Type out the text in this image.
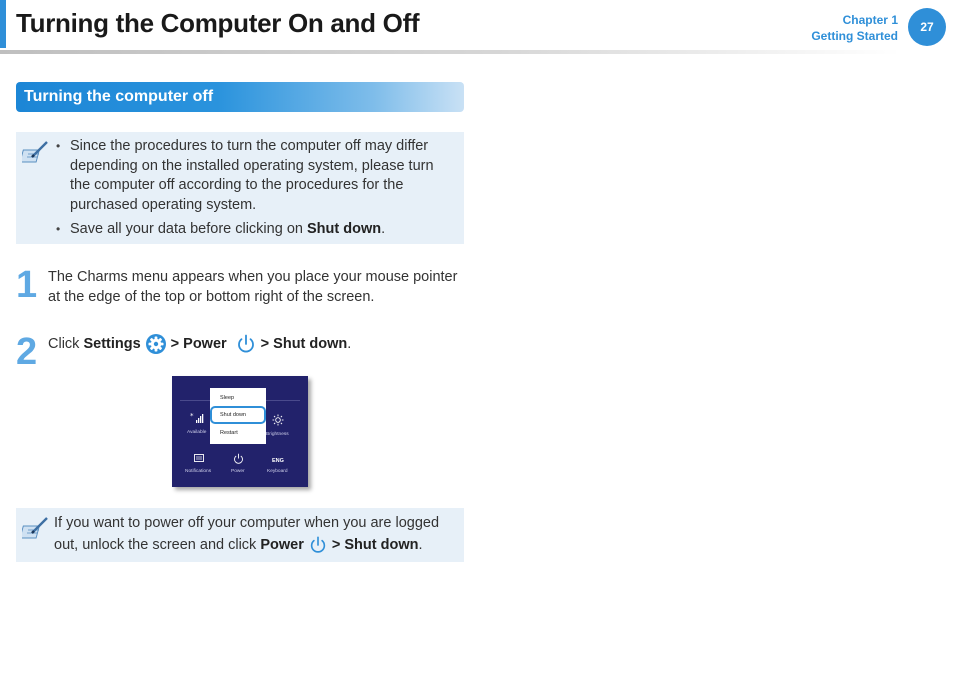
Turning the Computer On and Off	Chapter 1
Getting Started
27
Turning the computer off
• Since the procedures to turn the computer off may differ depending on the installed operating system, please turn the computer off according to the procedures for the purchased operating system.
• Save all your data before clicking on Shut down.
1 The Charms menu appears when you place your mouse pointer at the edge of the top or bottom right of the screen.
2 Click Settings > Power > Shut down.
*
Available	Brightness
Sleep
Shut down
Restart
Notifications	Power
ENG
Keyboard
If you want to power off your computer when you are logged out, unlock the screen and click Power > Shut down.
